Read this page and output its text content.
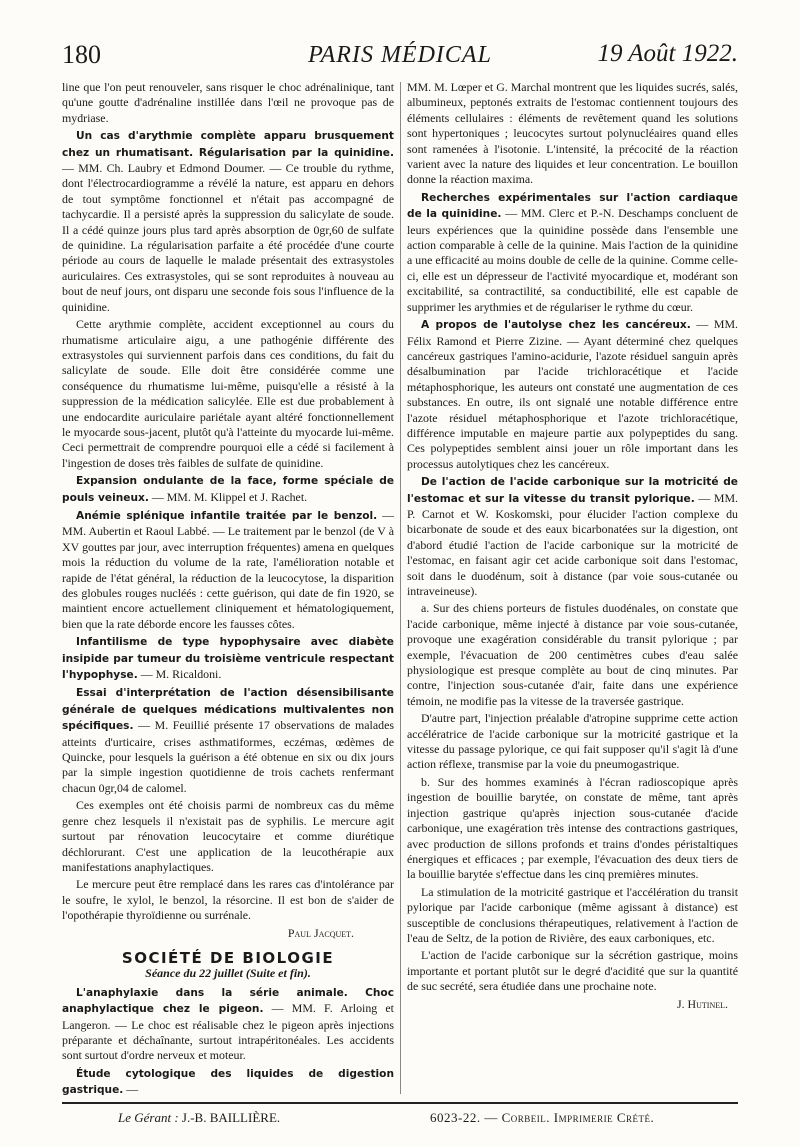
180	PARIS MÉDICAL	19 Août 1922.

line que l'on peut renouveler, sans risquer le choc adrénalinique, tant qu'une goutte d'adrénaline instillée dans l'œil ne provoque pas de mydriase.

Un cas d'arythmie complète apparu brusquement chez un rhumatisant. Régularisation par la quinidine. — MM. Ch. Laubry et Edmond Doumer. — Ce trouble du rythme, dont l'électrocardiogramme a révélé la nature, est apparu en dehors de tout symptôme fonctionnel et n'était pas accompagné de tachycardie. Il a persisté après la suppression du salicylate de soude. Il a cédé quinze jours plus tard après absorption de 0gr,60 de sulfate de quinidine. La régularisation parfaite a été procédée d'une courte période au cours de laquelle le malade présentait des extrasystoles auriculaires. Ces extrasystoles, qui se sont reproduites à nouveau au bout de neuf jours, ont disparu une seconde fois sous l'influence de la quinidine.

Cette arythmie complète, accident exceptionnel au cours du rhumatisme articulaire aigu, a une pathogénie différente des extrasystoles qui surviennent parfois dans ces conditions, du fait du salicylate de soude. Elle doit être considérée comme une conséquence du rhumatisme lui-même, puisqu'elle a résisté à la suppression de la médication salicylée. Elle est due probablement à une endocardite auriculaire pariétale ayant altéré fonctionnellement le myocarde sous-jacent, plutôt qu'à l'atteinte du myocarde lui-même. Ceci permettrait de comprendre pourquoi elle a cédé si facilement à l'ingestion de doses très faibles de sulfate de quinidine.

Expansion ondulante de la face, forme spéciale de pouls veineux. — MM. M. Klippel et J. Rachet.

Anémie splénique infantile traitée par le benzol. — MM. Aubertin et Raoul Labbé. — Le traitement par le benzol (de V à XV gouttes par jour, avec interruption fréquentes) amena en quelques mois la réduction du volume de la rate, l'amélioration notable et rapide de l'état général, la réduction de la leucocytose, la disparition des globules rouges nucléés : cette guérison, qui date de fin 1920, se maintient encore actuellement cliniquement et hématologiquement, bien que la rate déborde encore les fausses côtes.

Infantilisme de type hypophysaire avec diabète insipide par tumeur du troisième ventricule respectant l'hypophyse. — M. Ricaldoni.

Essai d'interprétation de l'action désensibilisante générale de quelques médications multivalentes non spécifiques. — M. Feuillié présente 17 observations de malades atteints d'urticaire, crises asthmatiformes, eczémas, œdèmes de Quincke, pour lesquels la guérison a été obtenue en six ou dix jours par la simple ingestion quotidienne de trois cachets renfermant chacun 0gr,04 de calomel.

Ces exemples ont été choisis parmi de nombreux cas du même genre chez lesquels il n'existait pas de syphilis. Le mercure agit surtout par rénovation leucocytaire et comme diurétique déchlorurant. C'est une application de la leucothérapie aux manifestations anaphylactiques.

Le mercure peut être remplacé dans les rares cas d'intolérance par le soufre, le xylol, le benzol, la résorcine. Il est bon de s'aider de l'opothérapie thyroïdienne ou surrénale.

Paul Jacquet.
SOCIÉTÉ DE BIOLOGIE
Séance du 22 juillet (Suite et fin).

L'anaphylaxie dans la série animale. Choc anaphylactique chez le pigeon. — MM. F. Arloing et Langeron. — Le choc est réalisable chez le pigeon après injections préparante et déchaînante, surtout intrapéritonéales. Les accidents sont surtout d'ordre nerveux et moteur.

Étude cytologique des liquides de digestion gastrique. —

MM. M. Lœper et G. Marchal montrent que les liquides sucrés, salés, albumineux, peptonés extraits de l'estomac contiennent toujours des éléments cellulaires : éléments de revêtement quand les solutions sont hypertoniques ; leucocytes surtout polynucléaires quand elles sont ramenées à l'isotonie. L'intensité, la précocité de la réaction varient avec la nature des liquides et leur concentration. Le bouillon donne la réaction maxima.

Recherches expérimentales sur l'action cardiaque de la quinidine. — MM. Clerc et P.-N. Deschamps concluent de leurs expériences que la quinidine possède dans l'ensemble une action comparable à celle de la quinine. Mais l'action de la quinidine a une efficacité au moins double de celle de la quinine. Comme celle-ci, elle est un dépresseur de l'activité myocardique et, modérant son excitabilité, sa contractilité, sa conductibilité, elle est capable de supprimer les arythmies et de régulariser le rythme du cœur.

A propos de l'autolyse chez les cancéreux. — MM. Félix Ramond et Pierre Zizine. — Ayant déterminé chez quelques cancéreux gastriques l'amino-acidurie, l'azote résiduel sanguin après désalbumination par l'acide trichloracétique et l'acide métaphosphorique, les auteurs ont constaté une augmentation de ces substances. En outre, ils ont signalé une notable différence entre l'azote résiduel métaphosphorique et l'azote trichloracétique, différence imputable en majeure partie aux polypeptides du sang. Ces polypeptides semblent ainsi jouer un rôle important dans les processus autolytiques chez les cancéreux.

De l'action de l'acide carbonique sur la motricité de l'estomac et sur la vitesse du transit pylorique. — MM. P. Carnot et W. Koskomski, pour élucider l'action complexe du bicarbonate de soude et des eaux bicarbonatées sur la digestion, ont d'abord étudié l'action de l'acide carbonique sur la motricité de l'estomac, en faisant agir cet acide carbonique soit dans l'estomac, soit dans le duodénum, soit à distance (par voie sous-cutanée ou intraveineuse).

a. Sur des chiens porteurs de fistules duodénales, on constate que l'acide carbonique, même injecté à distance par voie sous-cutanée, provoque une exagération considérable du transit pylorique ; par exemple, l'évacuation de 200 centimètres cubes d'eau salée physiologique est presque complète au bout de cinq minutes. Par contre, l'injection sous-cutanée d'air, faite dans une expérience témoin, ne modifie pas la vitesse de la traversée gastrique.

D'autre part, l'injection préalable d'atropine supprime cette action accélératrice de l'acide carbonique sur la motricité gastrique et la vitesse du passage pylorique, ce qui fait supposer qu'il s'agit là d'une action réflexe, transmise par la voie du pneumogastrique.

b. Sur des hommes examinés à l'écran radioscopique après ingestion de bouillie barytée, on constate de même, tant après injection gastrique qu'après injection sous-cutanée d'acide carbonique, une exagération très intense des contractions gastriques, avec production de sillons profonds et trains d'ondes péristaltiques énergiques et efficaces ; par exemple, l'évacuation des deux tiers de la bouillie barytée s'effectue dans les cinq premières minutes.

La stimulation de la motricité gastrique et l'accélération du transit pylorique par l'acide carbonique (même agissant à distance) est susceptible de conclusions thérapeutiques, relativement à l'action de l'eau de Seltz, de la potion de Rivière, des eaux carboniques, etc.

L'action de l'acide carbonique sur la sécrétion gastrique, moins importante et portant plutôt sur le degré d'acidité que sur la quantité de suc secrété, sera étudiée dans une prochaine note.

J. Hutinel.
Le Gérant : J.-B. BAILLIÈRE.	6023-22. — Corbeil. Imprimerie Crété.
